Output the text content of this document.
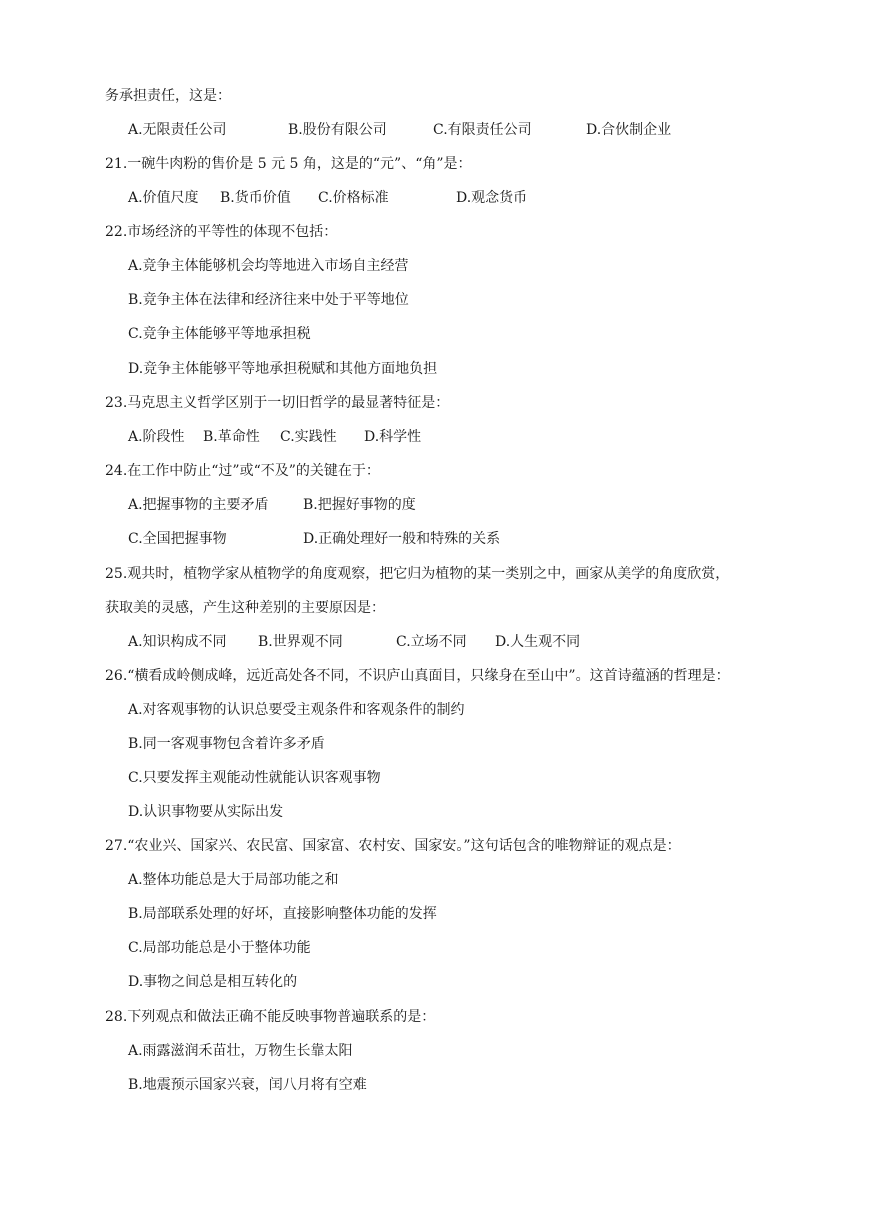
务承担责任，这是：
A.无限责任公司	B.股份有限公司	C.有限责任公司	D.合伙制企业
21.一碗牛肉粉的售价是 5 元 5 角，这是的“元”、“角”是：
A.价值尺度 B.货币价值 C.价格标准	D.观念货币
22.市场经济的平等性的体现不包括：
A.竞争主体能够机会均等地进入市场自主经营
B.竞争主体在法律和经济往来中处于平等地位
C.竞争主体能够平等地承担税
D.竞争主体能够平等地承担税赋和其他方面地负担
23.马克思主义哲学区别于一切旧哲学的最显著特征是：
A.阶段性 B.革命性 C.实践性 D.科学性
24.在工作中防止“过”或“不及”的关键在于：
A.把握事物的主要矛盾 B.把握好事物的度
C.全国把握事物	D.正确处理好一般和特殊的关系
25.观共时，植物学家从植物学的角度观察，把它归为植物的某一类别之中，画家从美学的角度欣赏，
获取美的灵感，产生这种差别的主要原因是：
A.知识构成不同 B.世界观不同	C.立场不同 D.人生观不同
26.“横看成岭侧成峰，远近高处各不同，不识庐山真面目，只缘身在至山中”。这首诗蕴涵的哲理是：
A.对客观事物的认识总要受主观条件和客观条件的制约
B.同一客观事物包含着许多矛盾
C.只要发挥主观能动性就能认识客观事物
D.认识事物要从实际出发
27.“农业兴、国家兴、农民富、国家富、农村安、国家安。”这句话包含的唯物辩证的观点是：
A.整体功能总是大于局部功能之和
B.局部联系处理的好坏，直接影响整体功能的发挥
C.局部功能总是小于整体功能
D.事物之间总是相互转化的
28.下列观点和做法正确不能反映事物普遍联系的是：
A.雨露滋润禾苗壮，万物生长靠太阳
B.地震预示国家兴衰，闰八月将有空难
